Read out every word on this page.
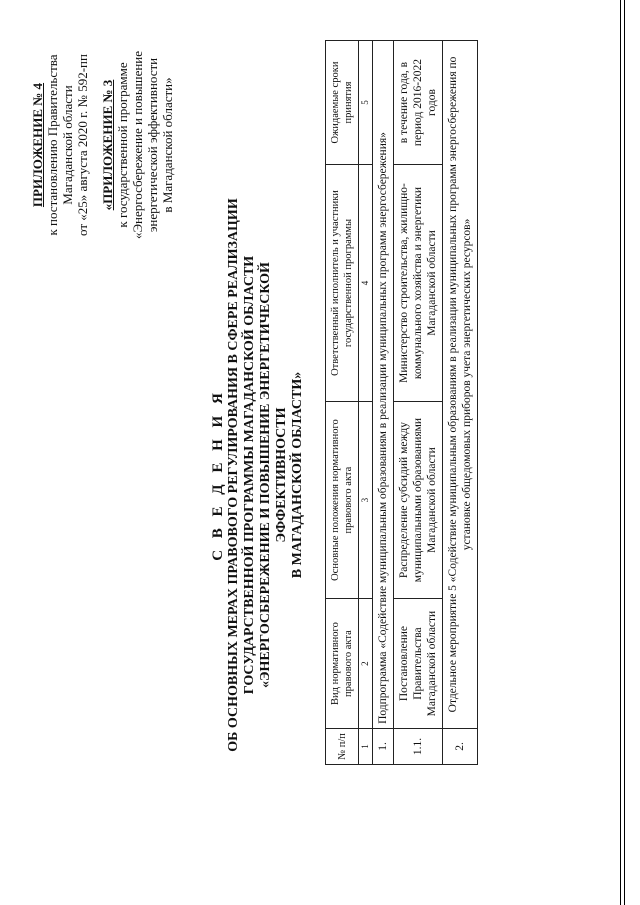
ПРИЛОЖЕНИЕ № 4 к постановлению Правительства Магаданской области от «25» августа 2020 г. № 592-пп «ПРИЛОЖЕНИЕ № 3 к государственной программе «Энергосбережение и повышение энергетической эффективности в Магаданской области»
С В Е Д Е Н И Я ОБ ОСНОВНЫХ МЕРАХ ПРАВОВОГО РЕГУЛИРОВАНИЯ В СФЕРЕ РЕАЛИЗАЦИИ ГОСУДАРСТВЕННОЙ ПРОГРАММЫ МАГАДАНСКОЙ ОБЛАСТИ «ЭНЕРГОСБЕРЕЖЕНИЕ И ПОВЫШЕНИЕ ЭНЕРГЕТИЧЕСКОЙ ЭФФЕКТИВНОСТИ В МАГАДАНСКОЙ ОБЛАСТИ»
№ п/п	Вид нормативного правового акта	Основные положения нормативного правового акта	Ответственный исполнитель и участники государственной программы	Ожидаемые сроки принятия
1	2	3	4	5
1.	Подпрограмма «Содействие муниципальным образованиям в реализации муниципальных программ энергосбережения»			
1.1.	Постановление Правительства Магаданской области	Распределение субсидий между муниципальными образованиями Магаданской области	Министерство строительства, жилищно-коммунального хозяйства и энергетики Магаданской области	в течение года, в период 2016-2022 годов
2.	Отдельное мероприятие 5 «Содействие муниципальным образованиям в реализации муниципальных программ энергосбережения по установке общедомовых приборов учета энергетических ресурсов»			
